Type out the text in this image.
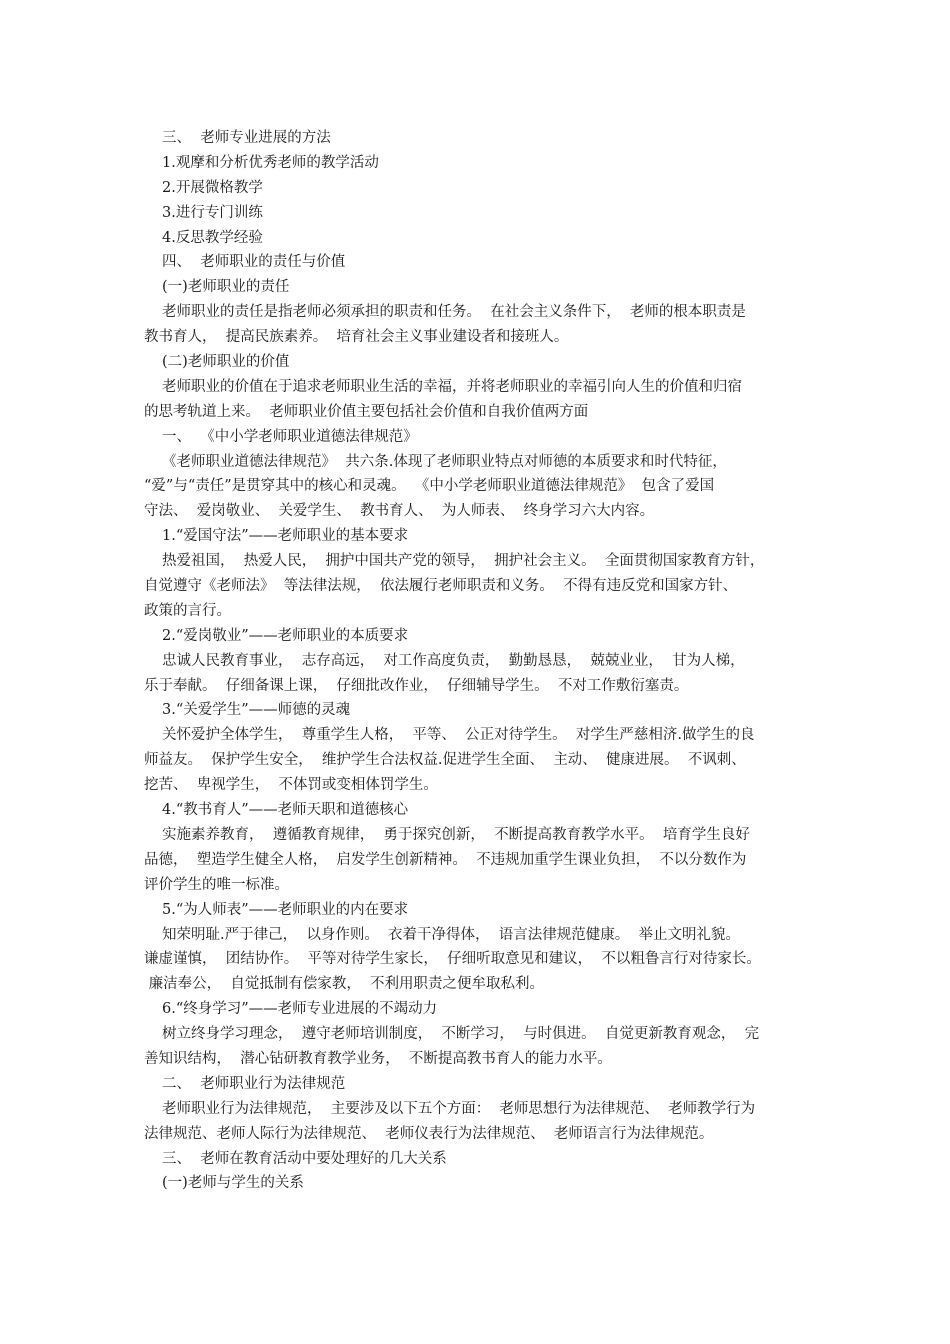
三、  老师专业进展的方法
1.观摩和分析优秀老师的教学活动
2.开展微格教学
3.进行专门训练
4.反思教学经验
四、  老师职业的责任与价值
(一)老师职业的责任
老师职业的责任是指老师必须承担的职责和任务。  在社会主义条件下，  老师的根本职责是
教书育人，  提高民族素养。  培育社会主义事业建设者和接班人。
(二)老师职业的价值
老师职业的价值在于追求老师职业生活的幸福，并将老师职业的幸福引向人生的价值和归宿
的思考轨道上来。  老师职业价值主要包括社会价值和自我价值两方面
一、  《中小学老师职业道德法律规范》
《老师职业道德法律规范》  共六条.体现了老师职业特点对师德的本质要求和时代特征，
“爱”与“责任”是贯穿其中的核心和灵魂。  《中小学老师职业道德法律规范》  包含了爱国
守法、  爱岗敬业、  关爱学生、  教书育人、  为人师表、  终身学习六大内容。
1.“爱国守法”——老师职业的基本要求
热爱祖国，  热爱人民，  拥护中国共产党的领导，  拥护社会主义。  全面贯彻国家教育方针，
自觉遵守《老师法》  等法律法规，  依法履行老师职责和义务。  不得有违反党和国家方针、
政策的言行。
2.“爱岗敬业”——老师职业的本质要求
忠诚人民教育事业，  志存高远，  对工作高度负责，  勤勤恳恳，  兢兢业业，  甘为人梯，
乐于奉献。  仔细备课上课，  仔细批改作业，  仔细辅导学生。  不对工作敷衍塞责。
3.“关爱学生”——师德的灵魂
关怀爱护全体学生，  尊重学生人格，  平等、  公正对待学生。  对学生严慈相济.做学生的良
师益友。  保护学生安全，  维护学生合法权益.促进学生全面、  主动、  健康进展。  不讽刺、
挖苦、  卑视学生，  不体罚或变相体罚学生。
4.“教书育人”——老师天职和道德核心
实施素养教育，  遵循教育规律，  勇于探究创新，  不断提高教育教学水平。  培育学生良好
品德，  塑造学生健全人格，  启发学生创新精神。  不违规加重学生课业负担，  不以分数作为
评价学生的唯一标准。
5.“为人师表”——老师职业的内在要求
知荣明耻.严于律己，  以身作则。  衣着干净得体，  语言法律规范健康。  举止文明礼貌。
谦虚谨慎，  团结协作。  平等对待学生家长，  仔细听取意见和建议，  不以粗鲁言行对待家长。
廉洁奉公，  自觉抵制有偿家教，  不利用职责之便牟取私利。
6.“终身学习”——老师专业进展的不竭动力
树立终身学习理念，  遵守老师培训制度，  不断学习，  与时俱进。  自觉更新教育观念，  完
善知识结构，  潜心钻研教育教学业务，  不断提高教书育人的能力水平。
二、  老师职业行为法律规范
老师职业行为法律规范，  主要涉及以下五个方面：  老师思想行为法律规范、  老师教学行为
法律规范、老师人际行为法律规范、  老师仪表行为法律规范、  老师语言行为法律规范。
三、  老师在教育活动中要处理好的几大关系
(一)老师与学生的关系
